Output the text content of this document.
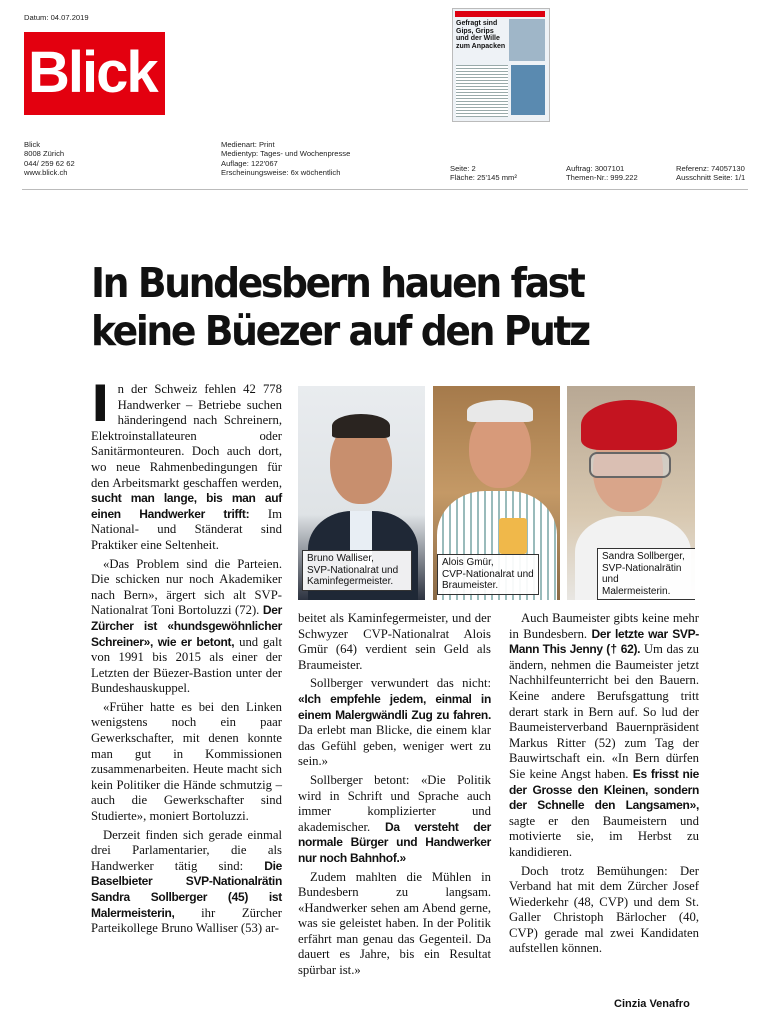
Datum: 04.07.2019
Blick
Gefragt sind Gips, Grips und der Wille zum Anpacken
Blick
8008 Zürich
044/ 259 62 62
www.blick.ch
Medienart: Print
Medientyp: Tages- und Wochenpresse
Auflage: 122'067
Erscheinungsweise: 6x wöchentlich	Seite: 2
Fläche: 25'145 mm²
Auftrag: 3007101
Themen-Nr.: 999.222
Referenz: 74057130
Ausschnitt Seite: 1/1
In Bundesbern hauen fast
keine Büezer auf den Putz
Bruno Walliser,
SVP-Nationalrat und
Kaminfegermeister.
Alois Gmür,
CVP-Nationalrat und
Braumeister.
Sandra Sollberger,
SVP-Nationalrätin und
Malermeisterin.

In der Schweiz fehlen 42 778 Handwerker – Betriebe suchen händeringend nach Schreinern, Elektroinstallateuren oder Sanitärmonteuren. Doch auch dort, wo neue Rahmenbedingungen für den Arbeitsmarkt geschaffen werden, sucht man lange, bis man auf einen Handwerker trifft: Im National- und Ständerat sind Praktiker eine Seltenheit.

«Das Problem sind die Parteien. Die schicken nur noch Akademiker nach Bern», ärgert sich alt SVP-Nationalrat Toni Bortoluzzi (72). Der Zürcher ist «hundsgewöhnlicher Schreiner», wie er betont, und galt von 1991 bis 2015 als einer der Letzten der Büezer-Bastion unter der Bundeshauskuppel.

«Früher hatte es bei den Linken wenigstens noch ein paar Gewerkschafter, mit denen konnte man gut in Kommissionen zusammenarbeiten. Heute macht sich kein Politiker die Hände schmutzig – auch die Gewerkschafter sind Studierte», moniert Bortoluzzi.

Derzeit finden sich gerade einmal drei Parlamentarier, die als Handwerker tätig sind: Die Baselbieter SVP-Nationalrätin Sandra Sollberger (45) ist Malermeisterin, ihr Zürcher Parteikollege Bruno Walliser (53) ar-

beitet als Kaminfegermeister, und der Schwyzer CVP-Nationalrat Alois Gmür (64) verdient sein Geld als Braumeister.

Sollberger verwundert das nicht: «Ich empfehle jedem, einmal in einem Malergwändli Zug zu fahren. Da erlebt man Blicke, die einem klar das Gefühl geben, weniger wert zu sein.»

Sollberger betont: «Die Politik wird in Schrift und Sprache auch immer komplizierter und akademischer. Da versteht der normale Bürger und Handwerker nur noch Bahnhof.»

Zudem mahlten die Mühlen in Bundesbern zu langsam. «Handwerker sehen am Abend gerne, was sie geleistet haben. In der Politik erfährt man genau das Gegenteil. Da dauert es Jahre, bis ein Resultat spürbar ist.»

Auch Baumeister gibts keine mehr in Bundesbern. Der letzte war SVP-Mann This Jenny († 62). Um das zu ändern, nehmen die Baumeister jetzt Nachhilfeunterricht bei den Bauern. Keine andere Berufsgattung tritt derart stark in Bern auf. So lud der Baumeisterverband Bauernpräsident Markus Ritter (52) zum Tag der Bauwirtschaft ein. «In Bern dürfen Sie keine Angst haben. Es frisst nie der Grosse den Kleinen, sondern der Schnelle den Langsamen», sagte er den Baumeistern und motivierte sie, im Herbst zu kandidieren.

Doch trotz Bemühungen: Der Verband hat mit dem Zürcher Josef Wiederkehr (48, CVP) und dem St. Galler Christoph Bärlocher (40, CVP) gerade mal zwei Kandidaten aufstellen können.

Cinzia Venafro
